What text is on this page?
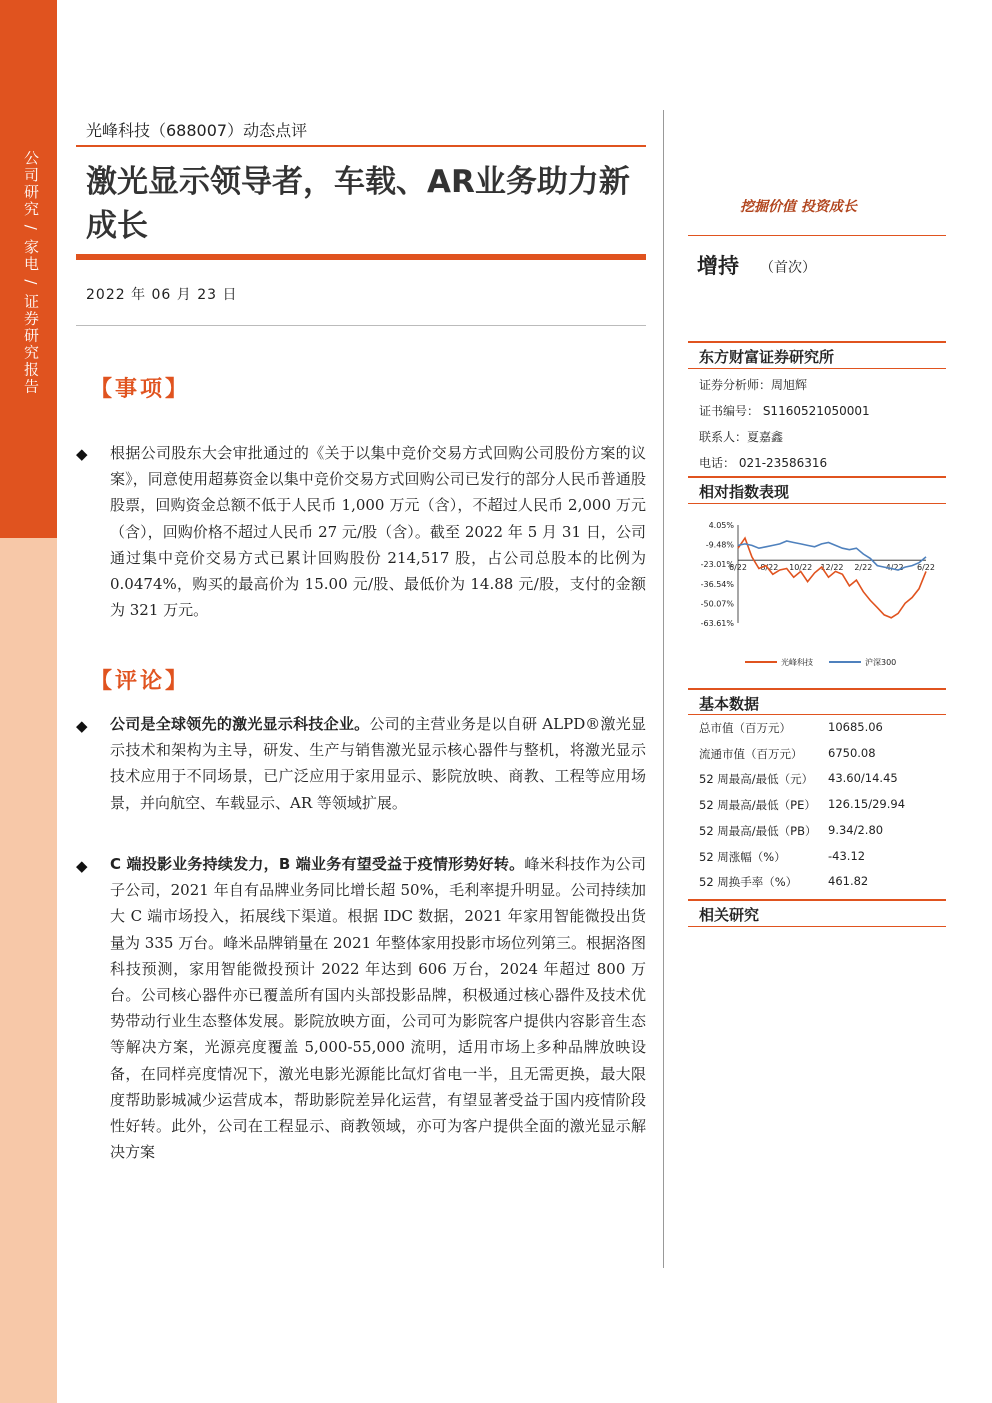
公司研究 / 家电 / 证券研究报告
光峰科技（688007）动态点评
激光显示领导者，车载、AR业务助力新成长
2022 年 06 月 23 日
【事项】
◆ 根据公司股东大会审批通过的《关于以集中竞价交易方式回购公司股份方案的议案》，同意使用超募资金以集中竞价交易方式回购公司已发行的部分人民币普通股股票，回购资金总额不低于人民币 1,000 万元（含），不超过人民币 2,000 万元（含），回购价格不超过人民币 27 元/股（含）。截至 2022 年 5 月 31 日，公司通过集中竞价交易方式已累计回购股份 214,517 股，占公司总股本的比例为 0.0474%，购买的最高价为 15.00 元/股、最低价为 14.88 元/股，支付的金额为 321 万元。
【评论】
◆ 公司是全球领先的激光显示科技企业。公司的主营业务是以自研 ALPD®激光显示技术和架构为主导，研发、生产与销售激光显示核心器件与整机，将激光显示技术应用于不同场景，已广泛应用于家用显示、影院放映、商教、工程等应用场景，并向航空、车载显示、AR 等领域扩展。
◆ C 端投影业务持续发力，B 端业务有望受益于疫情形势好转。峰米科技作为公司子公司，2021 年自有品牌业务同比增长超 50%，毛利率提升明显。公司持续加大 C 端市场投入，拓展线下渠道。根据 IDC 数据，2021 年家用智能微投出货量为 335 万台。峰米品牌销量在 2021 年整体家用投影市场位列第三。根据洛图科技预测，家用智能微投预计 2022 年达到 606 万台，2024 年超过 800 万台。公司核心器件亦已覆盖所有国内头部投影品牌，积极通过核心器件及技术优势带动行业生态整体发展。影院放映方面，公司可为影院客户提供内容影音生态等解决方案，光源亮度覆盖 5,000-55,000 流明，适用市场上多种品牌放映设备，在同样亮度情况下，激光电影光源能比氙灯省电一半，且无需更换，最大限度帮助影城减少运营成本，帮助影院差异化运营，有望显著受益于国内疫情阶段性好转。此外，公司在工程显示、商教领域，亦可为客户提供全面的激光显示解决方案
挖掘价值 投资成长
增持 （首次）
东方财富证券研究所
证券分析师：周旭辉
证书编号： S1160521050001
联系人：夏嘉鑫
电话： 021-23586316
相对指数表现
4.05%
-9.48%
-23.01%
-36.54%
-50.07%
-63.61%
6/22 8/22 10/22 12/22 2/22 4/22 6/22
光峰科技	沪深300
基本数据
总市值（百万元）	10685.06
流通市值（百万元） 6750.08
52 周最高/最低（元） 43.60/14.45
52 周最高/最低（PE） 126.15/29.94
52 周最高/最低（PB） 9.34/2.80
52 周涨幅（%）	-43.12
52 周换手率（%）	461.82
相关研究
